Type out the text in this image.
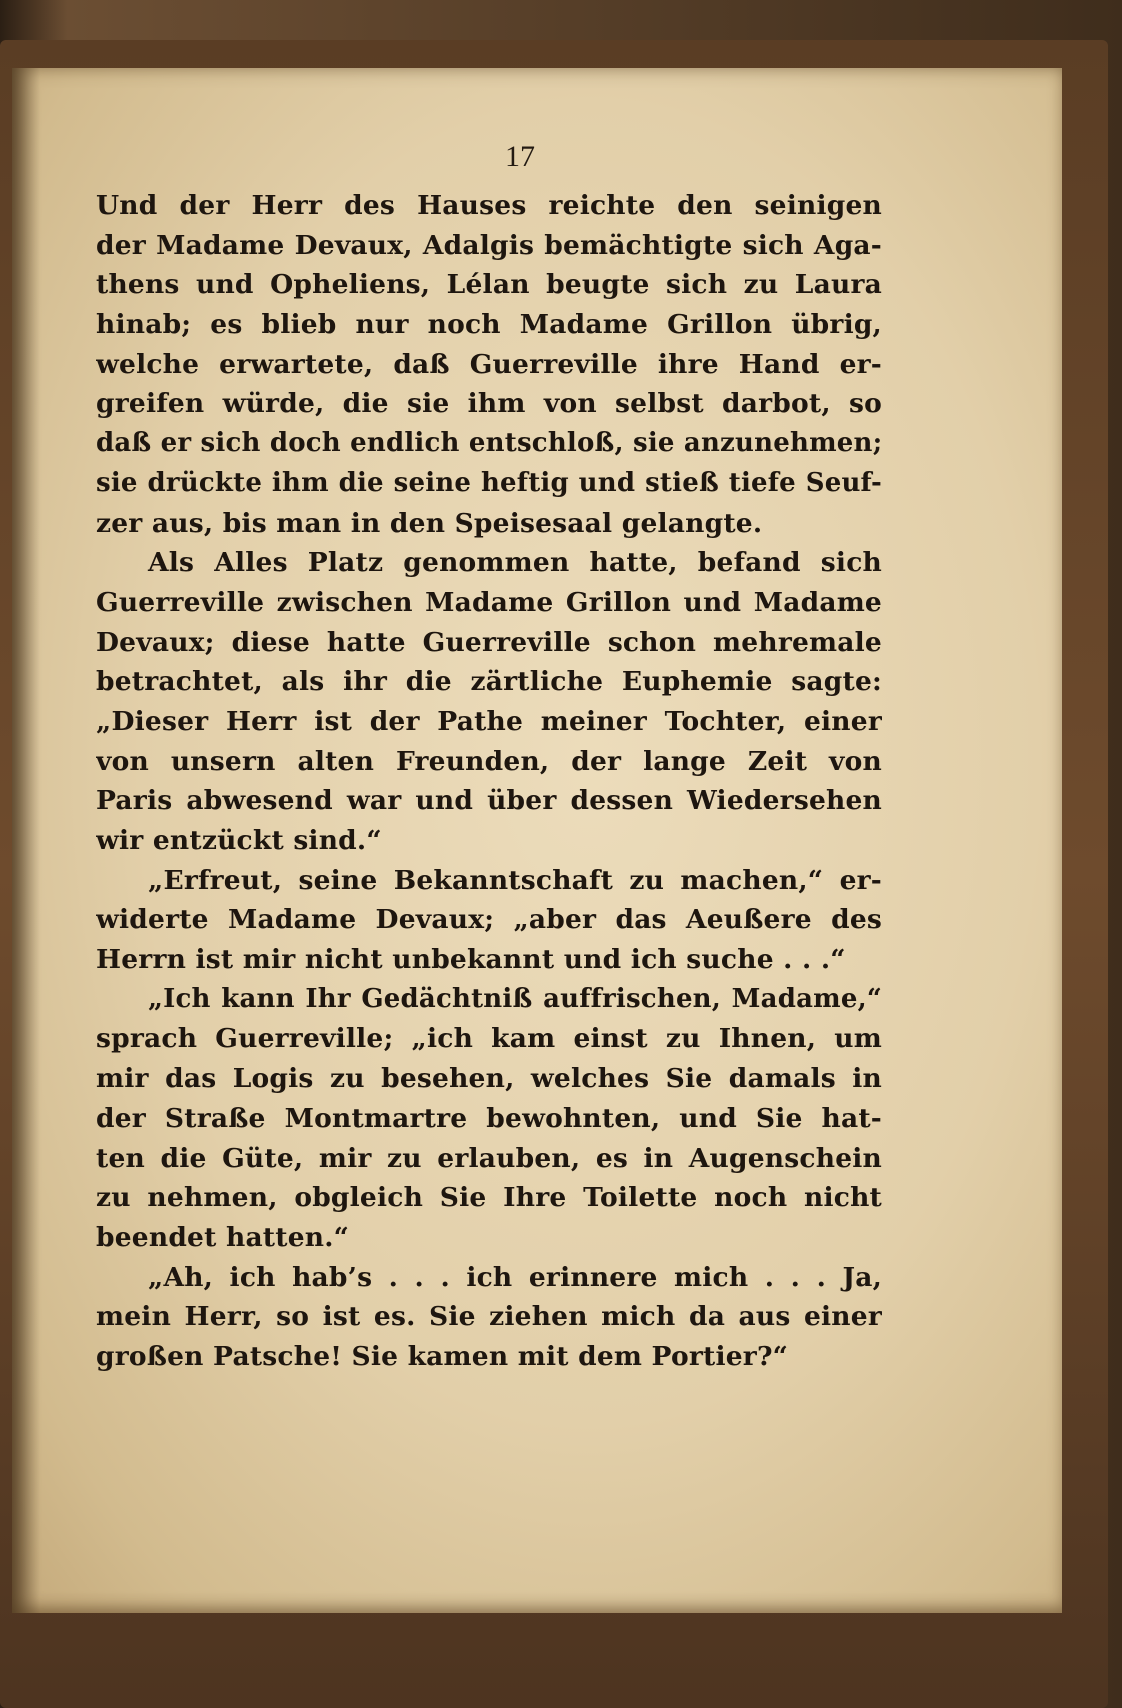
17
Und der Herr des Hauses reichte den seinigen
der Madame Devaux, Adalgis bemächtigte sich Aga-
thens und Opheliens, Lélan beugte sich zu Laura
hinab; es blieb nur noch Madame Grillon übrig,
welche erwartete, daß Guerreville ihre Hand er-
greifen würde, die sie ihm von selbst darbot, so
daß er sich doch endlich entschloß, sie anzunehmen;
sie drückte ihm die seine heftig und stieß tiefe Seuf-
zer aus, bis man in den Speisesaal gelangte.
Als Alles Platz genommen hatte, befand sich
Guerreville zwischen Madame Grillon und Madame
Devaux; diese hatte Guerreville schon mehremale
betrachtet, als ihr die zärtliche Euphemie sagte:
„Dieser Herr ist der Pathe meiner Tochter, einer
von unsern alten Freunden, der lange Zeit von
Paris abwesend war und über dessen Wiedersehen
wir entzückt sind.“
„Erfreut, seine Bekanntschaft zu machen,“ er-
widerte Madame Devaux; „aber das Aeußere des
Herrn ist mir nicht unbekannt und ich suche . . .“
„Ich kann Ihr Gedächtniß auffrischen, Madame,“
sprach Guerreville; „ich kam einst zu Ihnen, um
mir das Logis zu besehen, welches Sie damals in
der Straße Montmartre bewohnten, und Sie hat-
ten die Güte, mir zu erlauben, es in Augenschein
zu nehmen, obgleich Sie Ihre Toilette noch nicht
beendet hatten.“
„Ah, ich hab’s . . . ich erinnere mich . . . Ja,
mein Herr, so ist es. Sie ziehen mich da aus einer
großen Patsche! Sie kamen mit dem Portier?“
